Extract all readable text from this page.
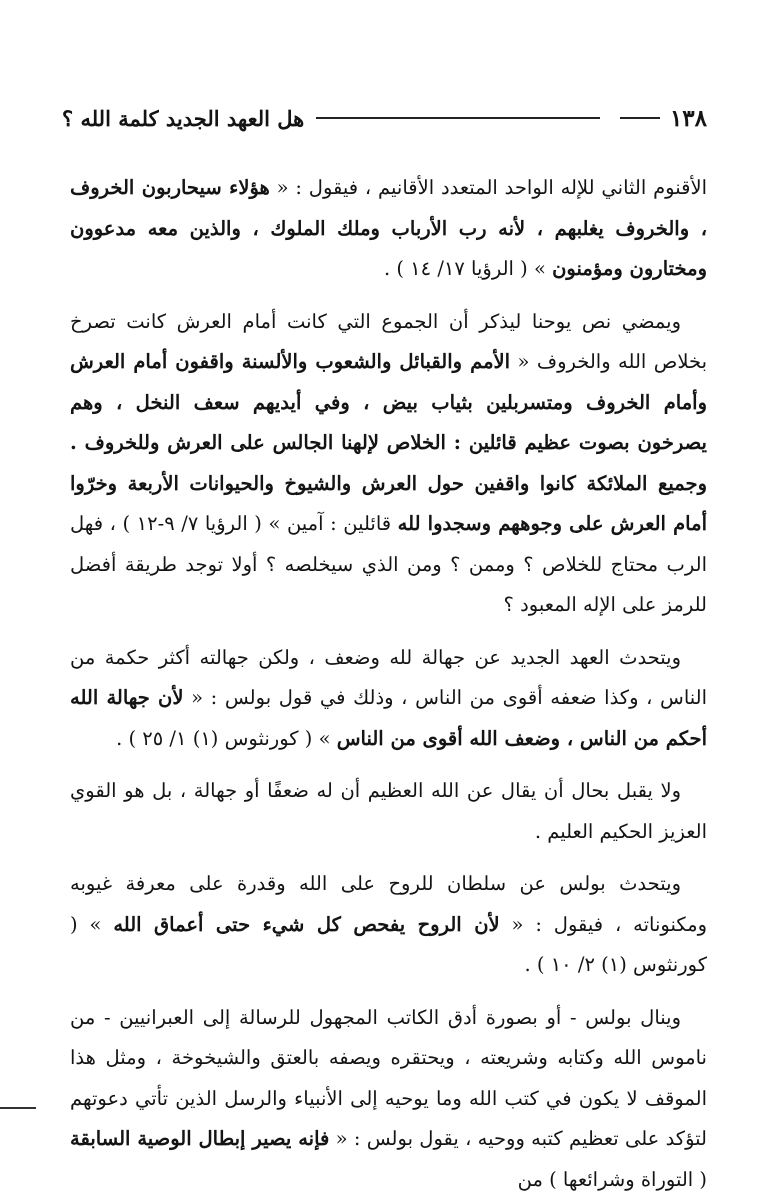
١٣٨
هل العهد الجديد كلمة الله ؟

الأقنوم الثاني للإله الواحد المتعدد الأقانيم ، فيقول : « هؤلاء سيحاربون الخروف ، والخروف يغلبهم ، لأنه رب الأرباب وملك الملوك ، والذين معه مدعوون ومختارون ومؤمنون » ( الرؤيا ١٧/ ١٤ ) .

ويمضي نص يوحنا ليذكر أن الجموع التي كانت أمام العرش كانت تصرخ بخلاص الله والخروف « الأمم والقبائل والشعوب والألسنة واقفون أمام العرش وأمام الخروف ومتسربلين بثياب بيض ، وفي أيديهم سعف النخل ، وهم يصرخون بصوت عظيم قائلين : الخلاص لإلهنا الجالس على العرش وللخروف . وجميع الملائكة كانوا واقفين حول العرش والشيوخ والحيوانات الأربعة وخرّوا أمام العرش على وجوههم وسجدوا لله قائلين : آمين » ( الرؤيا ٧/ ٩-١٢ ) ، فهل الرب محتاج للخلاص ؟ وممن ؟ ومن الذي سيخلصه ؟ أولا توجد طريقة أفضل للرمز على الإله المعبود ؟

ويتحدث العهد الجديد عن جهالة لله وضعف ، ولكن جهالته أكثر حكمة من الناس ، وكذا ضعفه أقوى من الناس ، وذلك في قول بولس : « لأن جهالة الله أحكم من الناس ، وضعف الله أقوى من الناس » ( كورنثوس (١) ١/ ٢٥ ) .

ولا يقبل بحال أن يقال عن الله العظيم أن له ضعفًا أو جهالة ، بل هو القوي العزيز الحكيم العليم .

ويتحدث بولس عن سلطان للروح على الله وقدرة على معرفة غيوبه ومكنوناته ، فيقول : « لأن الروح يفحص كل شيء حتى أعماق الله » ( كورنثوس (١) ٢/ ١٠ ) .

وينال بولس - أو بصورة أدق الكاتب المجهول للرسالة إلى العبرانيين - من ناموس الله وكتابه وشريعته ، ويحتقره ويصفه بالعتق والشيخوخة ، ومثل هذا الموقف لا يكون في كتب الله وما يوحيه إلى الأنبياء والرسل الذين تأتي دعوتهم لتؤكد على تعظيم كتبه ووحيه ، يقول بولس : « فإنه يصير إبطال الوصية السابقة ( التوراة وشرائعها ) من
